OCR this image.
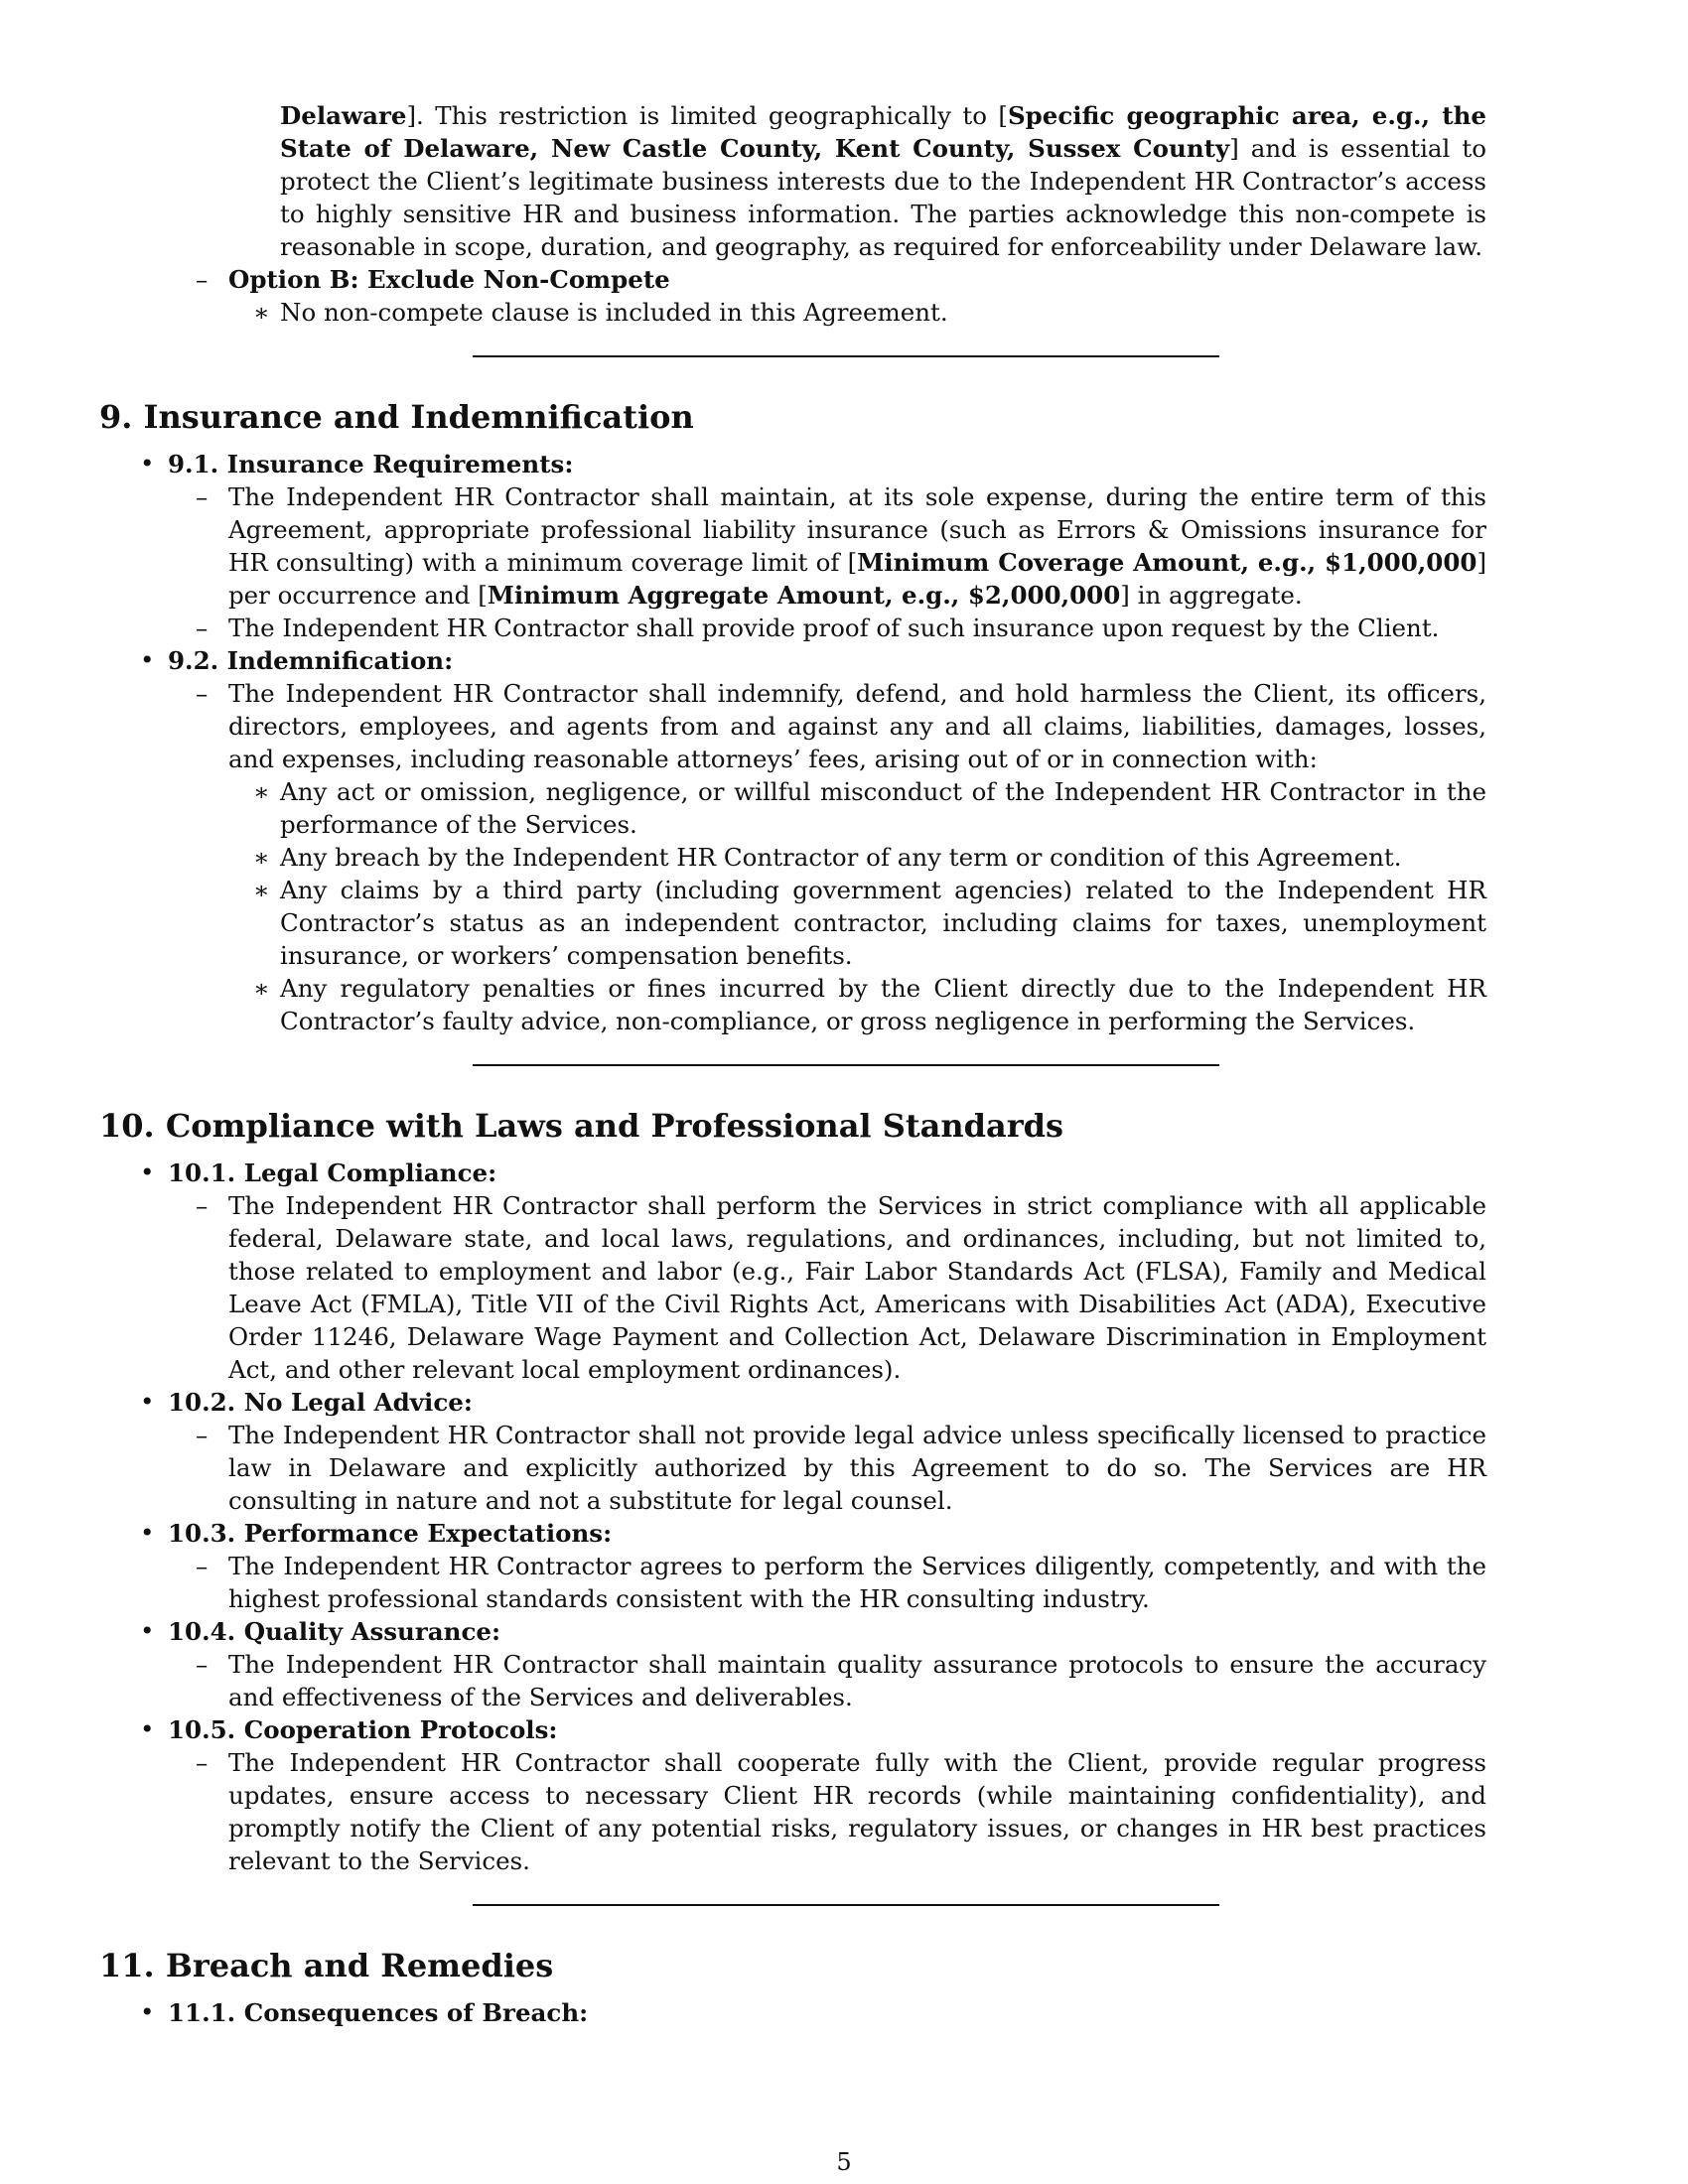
Delaware]. This restriction is limited geographically to [Specific geographic area, e.g., the State of Delaware, New Castle County, Kent County, Sussex County] and is essential to protect the Client’s legitimate business interests due to the Independent HR Contractor’s access to highly sensitive HR and business information. The parties acknowledge this non-compete is reasonable in scope, duration, and geography, as required for enforceability under Delaware law.

– Option B: Exclude Non-Compete
∗ No non-compete clause is included in this Agreement.
9. Insurance and Indemnification
• 9.1. Insurance Requirements:

– The Independent HR Contractor shall maintain, at its sole expense, during the entire term of this Agreement, appropriate professional liability insurance (such as Errors & Omissions insurance for HR consulting) with a minimum coverage limit of [Minimum Coverage Amount, e.g., $1,000,000] per occurrence and [Minimum Aggregate Amount, e.g., $2,000,000] in aggregate.

– The Independent HR Contractor shall provide proof of such insurance upon request by the Client.

• 9.2. Indemnification:

– The Independent HR Contractor shall indemnify, defend, and hold harmless the Client, its officers, directors, employees, and agents from and against any and all claims, liabilities, damages, losses, and expenses, including reasonable attorneys’ fees, arising out of or in connection with:

∗ Any act or omission, negligence, or willful misconduct of the Independent HR Contractor in the performance of the Services.

∗ Any breach by the Independent HR Contractor of any term or condition of this Agreement.

∗ Any claims by a third party (including government agencies) related to the Independent HR Contractor’s status as an independent contractor, including claims for taxes, unemployment insurance, or workers’ compensation benefits.

∗ Any regulatory penalties or fines incurred by the Client directly due to the Independent HR Contractor’s faulty advice, non-compliance, or gross negligence in performing the Services.

10. Compliance with Laws and Professional Standards
• 10.1. Legal Compliance:

– The Independent HR Contractor shall perform the Services in strict compliance with all applicable federal, Delaware state, and local laws, regulations, and ordinances, including, but not limited to, those related to employment and labor (e.g., Fair Labor Standards Act (FLSA), Family and Medical Leave Act (FMLA), Title VII of the Civil Rights Act, Americans with Disabilities Act (ADA), Executive Order 11246, Delaware Wage Payment and Collection Act, Delaware Discrimination in Employment Act, and other relevant local employment ordinances).

• 10.2. No Legal Advice:

– The Independent HR Contractor shall not provide legal advice unless specifically licensed to practice law in Delaware and explicitly authorized by this Agreement to do so. The Services are HR consulting in nature and not a substitute for legal counsel.

• 10.3. Performance Expectations:

– The Independent HR Contractor agrees to perform the Services diligently, competently, and with the highest professional standards consistent with the HR consulting industry.

• 10.4. Quality Assurance:

– The Independent HR Contractor shall maintain quality assurance protocols to ensure the accuracy and effectiveness of the Services and deliverables.

• 10.5. Cooperation Protocols:

– The Independent HR Contractor shall cooperate fully with the Client, provide regular progress updates, ensure access to necessary Client HR records (while maintaining confidentiality), and promptly notify the Client of any potential risks, regulatory issues, or changes in HR best practices relevant to the Services.

11. Breach and Remedies
• 11.1. Consequences of Breach:
5
